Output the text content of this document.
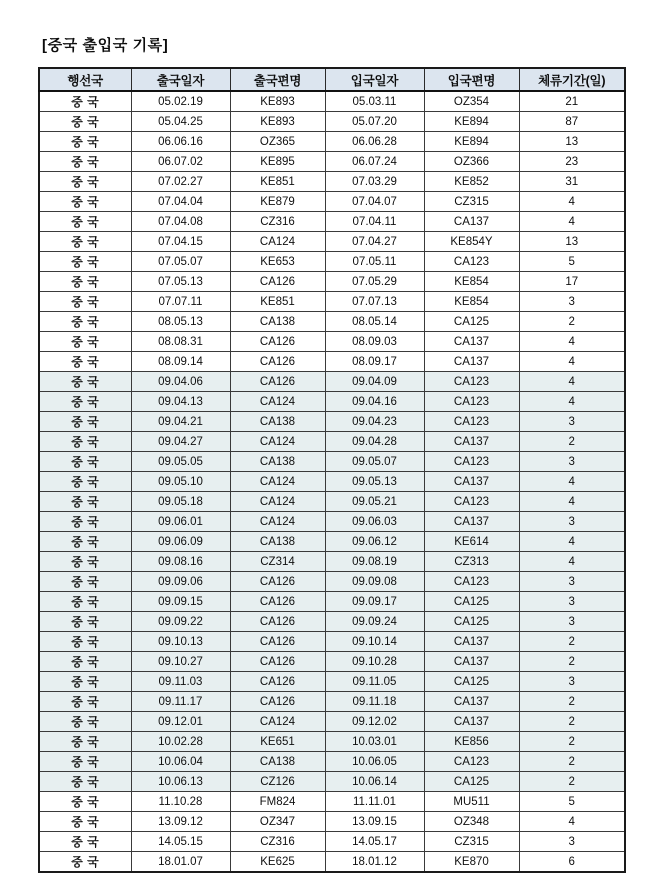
[중국 출입국 기록]
행선국	출국일자	출국편명	입국일자	입국편명	체류기간(일)
중 국	05.02.19	KE893	05.03.11	OZ354	21
중 국	05.04.25	KE893	05.07.20	KE894	87
중 국	06.06.16	OZ365	06.06.28	KE894	13
중 국	06.07.02	KE895	06.07.24	OZ366	23
중 국	07.02.27	KE851	07.03.29	KE852	31
중 국	07.04.04	KE879	07.04.07	CZ315	4
중 국	07.04.08	CZ316	07.04.11	CA137	4
중 국	07.04.15	CA124	07.04.27	KE854Y	13
중 국	07.05.07	KE653	07.05.11	CA123	5
중 국	07.05.13	CA126	07.05.29	KE854	17
중 국	07.07.11	KE851	07.07.13	KE854	3
중 국	08.05.13	CA138	08.05.14	CA125	2
중 국	08.08.31	CA126	08.09.03	CA137	4
중 국	08.09.14	CA126	08.09.17	CA137	4
중 국	09.04.06	CA126	09.04.09	CA123	4
중 국	09.04.13	CA124	09.04.16	CA123	4
중 국	09.04.21	CA138	09.04.23	CA123	3
중 국	09.04.27	CA124	09.04.28	CA137	2
중 국	09.05.05	CA138	09.05.07	CA123	3
중 국	09.05.10	CA124	09.05.13	CA137	4
중 국	09.05.18	CA124	09.05.21	CA123	4
중 국	09.06.01	CA124	09.06.03	CA137	3
중 국	09.06.09	CA138	09.06.12	KE614	4
중 국	09.08.16	CZ314	09.08.19	CZ313	4
중 국	09.09.06	CA126	09.09.08	CA123	3
중 국	09.09.15	CA126	09.09.17	CA125	3
중 국	09.09.22	CA126	09.09.24	CA125	3
중 국	09.10.13	CA126	09.10.14	CA137	2
중 국	09.10.27	CA126	09.10.28	CA137	2
중 국	09.11.03	CA126	09.11.05	CA125	3
중 국	09.11.17	CA126	09.11.18	CA137	2
중 국	09.12.01	CA124	09.12.02	CA137	2
중 국	10.02.28	KE651	10.03.01	KE856	2
중 국	10.06.04	CA138	10.06.05	CA123	2
중 국	10.06.13	CZ126	10.06.14	CA125	2
중 국	11.10.28	FM824	11.11.01	MU511	5
중 국	13.09.12	OZ347	13.09.15	OZ348	4
중 국	14.05.15	CZ316	14.05.17	CZ315	3
중 국	18.01.07	KE625	18.01.12	KE870	6
